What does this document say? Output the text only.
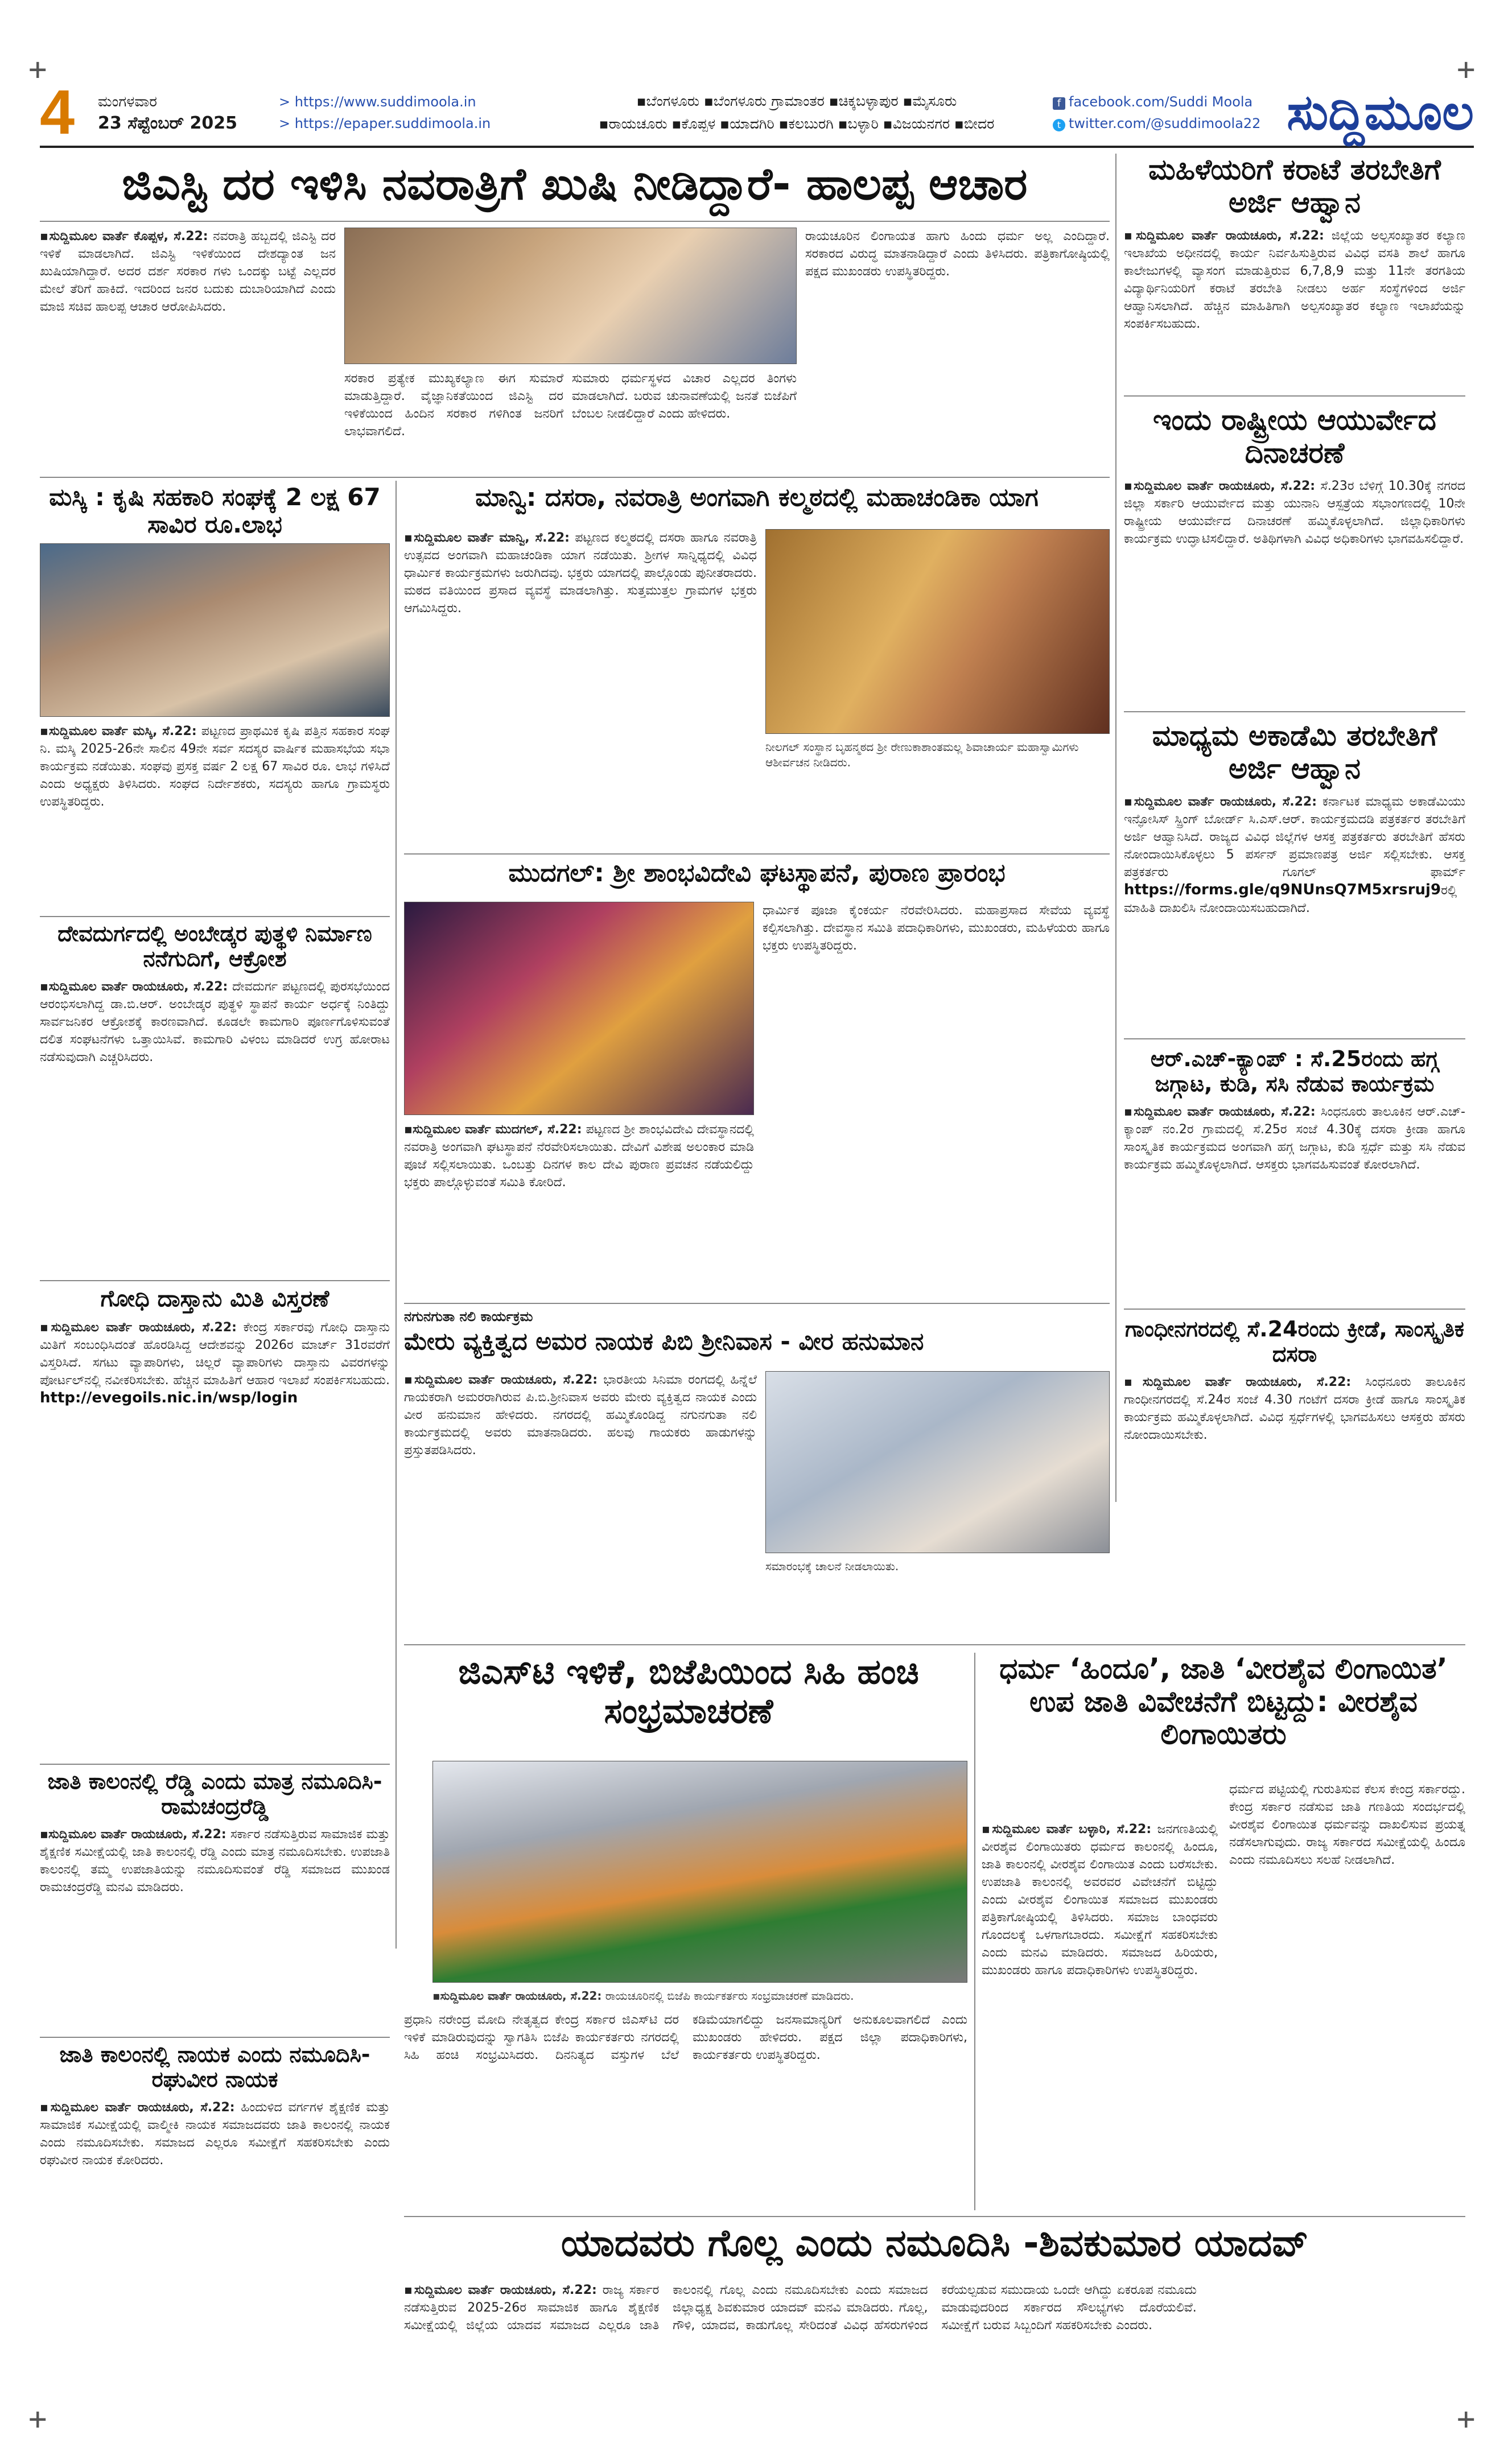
+	+
+	+
4	ಮಂಗಳವಾರ
23 ಸೆಪ್ಟೆಂಬರ್ 2025
> https://www.suddimoola.in
> https://epaper.suddimoola.in
▪ಬೆಂಗಳೂರು ▪ಬೆಂಗಳೂರು ಗ್ರಾಮಾಂತರ ▪ಚಿಕ್ಕಬಳ್ಳಾಪುರ ▪ಮೈಸೂರು
▪ರಾಯಚೂರು ▪ಕೊಪ್ಪಳ ▪ಯಾದಗಿರಿ ▪ಕಲಬುರಗಿ ▪ಬಳ್ಳಾರಿ ▪ವಿಜಯನಗರ ▪ಬೀದರ
f facebook.com/Suddi Moola
t twitter.com/@suddimoola22 ಸುದ್ದಿಮೂಲ
ಜಿಎಸ್ಟಿ ದರ ಇಳಿಸಿ ನವರಾತ್ರಿಗೆ ಖುಷಿ ನೀಡಿದ್ದಾರೆ- ಹಾಲಪ್ಪ ಆಚಾರ

▪ಸುದ್ದಿಮೂಲ ವಾರ್ತೆ ಕೊಪ್ಪಳ, ಸೆ.22: ನವರಾತ್ರಿ ಹಬ್ಬದಲ್ಲಿ ಜಿಎಸ್ಟಿ ದರ ಇಳಿಕೆ ಮಾಡಲಾಗಿದೆ. ಜಿಎಸ್ಟಿ ಇಳಿಕೆಯಿಂದ ದೇಶದ್ಯಾಂತ ಜನ ಖುಷಿಯಾಗಿದ್ದಾರೆ. ಅದರ ದರ್ಶ ಸರಕಾರ ಗಳು ಒಂದಕ್ಕು ಬಟ್ಟೆ ಎಲ್ಲದರ ಮೇಲೆ ತೆರಿಗೆ ಹಾಕಿದೆ. ಇದರಿಂದ ಜನರ ಬದುಕು ದುಬಾರಿಯಾಗಿದೆ ಎಂದು ಮಾಜಿ ಸಚಿವ ಹಾಲಪ್ಪ ಆಚಾರ ಆರೋಪಿಸಿದರು.

ಸರಕಾರ ಪ್ರತ್ಯೇಕ ಮುಖ್ಯಕಲ್ಯಾಣ ಈಗ ಸುಮಾರೆ ಮಾಡುತ್ತಿದ್ದಾರೆ. ವೈಜ್ಞಾನಿಕತೆಯಿಂದ ಜಿಎಸ್ಟಿ ದರ ಇಳಿಕೆಯಿಂದ ಹಿಂದಿನ ಸರಕಾರ ಗಳಿಗಿಂತ ಜನರಿಗೆ ಲಾಭವಾಗಲಿದೆ.

ಸುಮಾರು ಧರ್ಮಸ್ಥಳದ ವಿಚಾರ ಎಲ್ಲದರ ತಿಂಗಳು ಮಾಡಲಾಗಿದೆ. ಬರುವ ಚುನಾವಣೆಯಲ್ಲಿ ಜನತೆ ಬಿಜೆಪಿಗೆ ಬೆಂಬಲ ನೀಡಲಿದ್ದಾರೆ ಎಂದು ಹೇಳಿದರು.

ರಾಯಚೂರಿನ ಲಿಂಗಾಯತ ಹಾಗು ಹಿಂದು ಧರ್ಮ ಅಲ್ಲ ಎಂದಿದ್ದಾರೆ. ಸರಕಾರದ ವಿರುದ್ಧ ಮಾತನಾಡಿದ್ದಾರೆ ಎಂದು ತಿಳಿಸಿದರು. ಪತ್ರಿಕಾಗೋಷ್ಠಿಯಲ್ಲಿ ಪಕ್ಷದ ಮುಖಂಡರು ಉಪಸ್ಥಿತರಿದ್ದರು.

ಮಹಿಳೆಯರಿಗೆ ಕರಾಟೆ ತರಬೇತಿಗೆ ಅರ್ಜಿ ಆಹ್ವಾನ

▪ಸುದ್ದಿಮೂಲ ವಾರ್ತೆ ರಾಯಚೂರು, ಸೆ.22: ಜಿಲ್ಲೆಯ ಅಲ್ಪಸಂಖ್ಯಾತರ ಕಲ್ಯಾಣ ಇಲಾಖೆಯ ಅಧೀನದಲ್ಲಿ ಕಾರ್ಯ ನಿರ್ವಹಿಸುತ್ತಿರುವ ವಿವಿಧ ವಸತಿ ಶಾಲೆ ಹಾಗೂ ಕಾಲೇಜುಗಳಲ್ಲಿ ವ್ಯಾಸಂಗ ಮಾಡುತ್ತಿರುವ 6,7,8,9 ಮತ್ತು 11ನೇ ತರಗತಿಯ ವಿದ್ಯಾರ್ಥಿನಿಯರಿಗೆ ಕರಾಟೆ ತರಬೇತಿ ನೀಡಲು ಅರ್ಹ ಸಂಸ್ಥೆಗಳಿಂದ ಅರ್ಜಿ ಆಹ್ವಾನಿಸಲಾಗಿದೆ. ಹೆಚ್ಚಿನ ಮಾಹಿತಿಗಾಗಿ ಅಲ್ಪಸಂಖ್ಯಾತರ ಕಲ್ಯಾಣ ಇಲಾಖೆಯನ್ನು ಸಂಪರ್ಕಿಸಬಹುದು.

ಇಂದು ರಾಷ್ಟ್ರೀಯ ಆಯುರ್ವೇದ ದಿನಾಚರಣೆ

▪ಸುದ್ದಿಮೂಲ ವಾರ್ತೆ ರಾಯಚೂರು, ಸೆ.22: ಸೆ.23ರ ಬೆಳಿಗ್ಗೆ 10.30ಕ್ಕೆ ನಗರದ ಜಿಲ್ಲಾ ಸರ್ಕಾರಿ ಆಯುರ್ವೇದ ಮತ್ತು ಯುನಾನಿ ಆಸ್ಪತ್ರೆಯ ಸಭಾಂಗಣದಲ್ಲಿ 10ನೇ ರಾಷ್ಟ್ರೀಯ ಆಯುರ್ವೇದ ದಿನಾಚರಣೆ ಹಮ್ಮಿಕೊಳ್ಳಲಾಗಿದೆ. ಜಿಲ್ಲಾಧಿಕಾರಿಗಳು ಕಾರ್ಯಕ್ರಮ ಉದ್ಘಾಟಿಸಲಿದ್ದಾರೆ. ಅತಿಥಿಗಳಾಗಿ ವಿವಿಧ ಅಧಿಕಾರಿಗಳು ಭಾಗವಹಿಸಲಿದ್ದಾರೆ.

ಮಾಧ್ಯಮ ಅಕಾಡೆಮಿ ತರಬೇತಿಗೆ ಅರ್ಜಿ ಆಹ್ವಾನ

▪ಸುದ್ದಿಮೂಲ ವಾರ್ತೆ ರಾಯಚೂರು, ಸೆ.22: ಕರ್ನಾಟಕ ಮಾಧ್ಯಮ ಅಕಾಡೆಮಿಯು ಇನ್ಫೋಸಿಸ್ ಸ್ಪ್ರಿಂಗ್ ಬೋರ್ಡ್ ಸಿ.ಎಸ್.ಆರ್. ಕಾರ್ಯಕ್ರಮದಡಿ ಪತ್ರಕರ್ತರ ತರಬೇತಿಗೆ ಅರ್ಜಿ ಆಹ್ವಾನಿಸಿದೆ. ರಾಜ್ಯದ ವಿವಿಧ ಜಿಲ್ಲೆಗಳ ಆಸಕ್ತ ಪತ್ರಕರ್ತರು ತರಬೇತಿಗೆ ಹೆಸರು ನೋಂದಾಯಿಸಿಕೊಳ್ಳಲು 5 ಪರ್ಸನ್ ಪ್ರಮಾಣಪತ್ರ ಅರ್ಜಿ ಸಲ್ಲಿಸಬೇಕು. ಆಸಕ್ತ ಪತ್ರಕರ್ತರು ಗೂಗಲ್ ಫಾರ್ಮ್ https://forms.gle/q9NUnsQ7M5xrsruj9ರಲ್ಲಿ ಮಾಹಿತಿ ದಾಖಲಿಸಿ ನೋಂದಾಯಿಸಬಹುದಾಗಿದೆ.

ಆರ್.ಎಚ್-ಕ್ಯಾಂಪ್ : ಸೆ.25ರಂದು ಹಗ್ಗ ಜಗ್ಗಾಟ, ಕುಡಿ, ಸಸಿ ನೆಡುವ ಕಾರ್ಯಕ್ರಮ

▪ಸುದ್ದಿಮೂಲ ವಾರ್ತೆ ರಾಯಚೂರು, ಸೆ.22: ಸಿಂಧನೂರು ತಾಲೂಕಿನ ಆರ್.ಎಚ್-ಕ್ಯಾಂಪ್ ನಂ.2ರ ಗ್ರಾಮದಲ್ಲಿ ಸೆ.25ರ ಸಂಜೆ 4.30ಕ್ಕೆ ದಸರಾ ಕ್ರೀಡಾ ಹಾಗೂ ಸಾಂಸ್ಕೃತಿಕ ಕಾರ್ಯಕ್ರಮದ ಅಂಗವಾಗಿ ಹಗ್ಗ ಜಗ್ಗಾಟ, ಕುಡಿ ಸ್ಪರ್ಧೆ ಮತ್ತು ಸಸಿ ನೆಡುವ ಕಾರ್ಯಕ್ರಮ ಹಮ್ಮಿಕೊಳ್ಳಲಾಗಿದೆ. ಆಸಕ್ತರು ಭಾಗವಹಿಸುವಂತೆ ಕೋರಲಾಗಿದೆ.

ಗಾಂಧೀನಗರದಲ್ಲಿ ಸೆ.24ರಂದು ಕ್ರೀಡೆ, ಸಾಂಸ್ಕೃತಿಕ ದಸರಾ

▪ಸುದ್ದಿಮೂಲ ವಾರ್ತೆ ರಾಯಚೂರು, ಸೆ.22: ಸಿಂಧನೂರು ತಾಲೂಕಿನ ಗಾಂಧೀನಗರದಲ್ಲಿ ಸೆ.24ರ ಸಂಜೆ 4.30 ಗಂಟೆಗೆ ದಸರಾ ಕ್ರೀಡೆ ಹಾಗೂ ಸಾಂಸ್ಕೃತಿಕ ಕಾರ್ಯಕ್ರಮ ಹಮ್ಮಿಕೊಳ್ಳಲಾಗಿದೆ. ವಿವಿಧ ಸ್ಪರ್ಧೆಗಳಲ್ಲಿ ಭಾಗವಹಿಸಲು ಆಸಕ್ತರು ಹೆಸರು ನೋಂದಾಯಿಸಬೇಕು.

ಮಸ್ಕಿ : ಕೃಷಿ ಸಹಕಾರಿ ಸಂಘಕ್ಕೆ 2 ಲಕ್ಷ 67 ಸಾವಿರ ರೂ.ಲಾಭ

▪ಸುದ್ದಿಮೂಲ ವಾರ್ತೆ ಮಸ್ಕಿ, ಸೆ.22: ಪಟ್ಟಣದ ಪ್ರಾಥಮಿಕ ಕೃಷಿ ಪತ್ತಿನ ಸಹಕಾರ ಸಂಘ ನಿ. ಮಸ್ಕಿ 2025-26ನೇ ಸಾಲಿನ 49ನೇ ಸರ್ವ ಸದಸ್ಯರ ವಾರ್ಷಿಕ ಮಹಾಸಭೆಯ ಸಭಾ ಕಾರ್ಯಕ್ರಮ ನಡೆಯಿತು. ಸಂಘವು ಪ್ರಸಕ್ತ ವರ್ಷ 2 ಲಕ್ಷ 67 ಸಾವಿರ ರೂ. ಲಾಭ ಗಳಿಸಿದೆ ಎಂದು ಅಧ್ಯಕ್ಷರು ತಿಳಿಸಿದರು. ಸಂಘದ ನಿರ್ದೇಶಕರು, ಸದಸ್ಯರು ಹಾಗೂ ಗ್ರಾಮಸ್ಥರು ಉಪಸ್ಥಿತರಿದ್ದರು.

ದೇವದುರ್ಗದಲ್ಲಿ ಅಂಬೇಡ್ಕರ ಪುತ್ಥಳಿ ನಿರ್ಮಾಣ ನನೆಗುದಿಗೆ, ಆಕ್ರೋಶ

▪ಸುದ್ದಿಮೂಲ ವಾರ್ತೆ ರಾಯಚೂರು, ಸೆ.22: ದೇವದುರ್ಗ ಪಟ್ಟಣದಲ್ಲಿ ಪುರಸಭೆಯಿಂದ ಆರಂಭಿಸಲಾಗಿದ್ದ ಡಾ.ಬಿ.ಆರ್. ಅಂಬೇಡ್ಕರ ಪುತ್ಥಳಿ ಸ್ಥಾಪನೆ ಕಾರ್ಯ ಅರ್ಧಕ್ಕೆ ನಿಂತಿದ್ದು ಸಾರ್ವಜನಿಕರ ಆಕ್ರೋಶಕ್ಕೆ ಕಾರಣವಾಗಿದೆ. ಕೂಡಲೇ ಕಾಮಗಾರಿ ಪೂರ್ಣಗೊಳಿಸುವಂತೆ ದಲಿತ ಸಂಘಟನೆಗಳು ಒತ್ತಾಯಿಸಿವೆ. ಕಾಮಗಾರಿ ವಿಳಂಬ ಮಾಡಿದರೆ ಉಗ್ರ ಹೋರಾಟ ನಡೆಸುವುದಾಗಿ ಎಚ್ಚರಿಸಿದರು.

ಗೋಧಿ ದಾಸ್ತಾನು ಮಿತಿ ವಿಸ್ತರಣೆ

▪ಸುದ್ದಿಮೂಲ ವಾರ್ತೆ ರಾಯಚೂರು, ಸೆ.22: ಕೇಂದ್ರ ಸರ್ಕಾರವು ಗೋಧಿ ದಾಸ್ತಾನು ಮಿತಿಗೆ ಸಂಬಂಧಿಸಿದಂತೆ ಹೊರಡಿಸಿದ್ದ ಆದೇಶವನ್ನು 2026ರ ಮಾರ್ಚ್ 31ರವರೆಗೆ ವಿಸ್ತರಿಸಿದೆ. ಸಗಟು ವ್ಯಾಪಾರಿಗಳು, ಚಿಲ್ಲರೆ ವ್ಯಾಪಾರಿಗಳು ದಾಸ್ತಾನು ವಿವರಗಳನ್ನು ಪೋರ್ಟಲ್‌ನಲ್ಲಿ ನವೀಕರಿಸಬೇಕು. ಹೆಚ್ಚಿನ ಮಾಹಿತಿಗೆ ಆಹಾರ ಇಲಾಖೆ ಸಂಪರ್ಕಿಸಬಹುದು. http://evegoils.nic.in/wsp/login

ಜಾತಿ ಕಾಲಂನಲ್ಲಿ ರೆಡ್ಡಿ ಎಂದು ಮಾತ್ರ ನಮೂದಿಸಿ-ರಾಮಚಂದ್ರರೆಡ್ಡಿ

▪ಸುದ್ದಿಮೂಲ ವಾರ್ತೆ ರಾಯಚೂರು, ಸೆ.22: ಸರ್ಕಾರ ನಡೆಸುತ್ತಿರುವ ಸಾಮಾಜಿಕ ಮತ್ತು ಶೈಕ್ಷಣಿಕ ಸಮೀಕ್ಷೆಯಲ್ಲಿ ಜಾತಿ ಕಾಲಂನಲ್ಲಿ ರೆಡ್ಡಿ ಎಂದು ಮಾತ್ರ ನಮೂದಿಸಬೇಕು. ಉಪಜಾತಿ ಕಾಲಂನಲ್ಲಿ ತಮ್ಮ ಉಪಜಾತಿಯನ್ನು ನಮೂದಿಸುವಂತೆ ರೆಡ್ಡಿ ಸಮಾಜದ ಮುಖಂಡ ರಾಮಚಂದ್ರರೆಡ್ಡಿ ಮನವಿ ಮಾಡಿದರು.

ಜಾತಿ ಕಾಲಂನಲ್ಲಿ ನಾಯಕ ಎಂದು ನಮೂದಿಸಿ-ರಘುವೀರ ನಾಯಕ

▪ಸುದ್ದಿಮೂಲ ವಾರ್ತೆ ರಾಯಚೂರು, ಸೆ.22: ಹಿಂದುಳಿದ ವರ್ಗಗಳ ಶೈಕ್ಷಣಿಕ ಮತ್ತು ಸಾಮಾಜಿಕ ಸಮೀಕ್ಷೆಯಲ್ಲಿ ವಾಲ್ಮೀಕಿ ನಾಯಕ ಸಮಾಜದವರು ಜಾತಿ ಕಾಲಂನಲ್ಲಿ ನಾಯಕ ಎಂದು ನಮೂದಿಸಬೇಕು. ಸಮಾಜದ ಎಲ್ಲರೂ ಸಮೀಕ್ಷೆಗೆ ಸಹಕರಿಸಬೇಕು ಎಂದು ರಘುವೀರ ನಾಯಕ ಕೋರಿದರು.

ಮಾನ್ವಿ: ದಸರಾ, ನವರಾತ್ರಿ ಅಂಗವಾಗಿ ಕಲ್ಮಠದಲ್ಲಿ ಮಹಾಚಂಡಿಕಾ ಯಾಗ

▪ಸುದ್ದಿಮೂಲ ವಾರ್ತೆ ಮಾನ್ವಿ, ಸೆ.22: ಪಟ್ಟಣದ ಕಲ್ಮಠದಲ್ಲಿ ದಸರಾ ಹಾಗೂ ನವರಾತ್ರಿ ಉತ್ಸವದ ಅಂಗವಾಗಿ ಮಹಾಚಂಡಿಕಾ ಯಾಗ ನಡೆಯಿತು. ಶ್ರೀಗಳ ಸಾನ್ನಿಧ್ಯದಲ್ಲಿ ವಿವಿಧ ಧಾರ್ಮಿಕ ಕಾರ್ಯಕ್ರಮಗಳು ಜರುಗಿದವು. ಭಕ್ತರು ಯಾಗದಲ್ಲಿ ಪಾಲ್ಗೊಂಡು ಪುನೀತರಾದರು. ಮಠದ ವತಿಯಿಂದ ಪ್ರಸಾದ ವ್ಯವಸ್ಥೆ ಮಾಡಲಾಗಿತ್ತು. ಸುತ್ತಮುತ್ತಲ ಗ್ರಾಮಗಳ ಭಕ್ತರು ಆಗಮಿಸಿದ್ದರು.

ನೀಲಗಲ್ ಸಂಸ್ಥಾನ ಬೃಹನ್ಮಠದ ಶ್ರೀ ರೇಣುಕಾಶಾಂತಮಲ್ಲ ಶಿವಾಚಾರ್ಯ ಮಹಾಸ್ವಾಮಿಗಳು ಆಶೀರ್ವಚನ ನೀಡಿದರು.
ಮುದಗಲ್: ಶ್ರೀ ಶಾಂಭವಿದೇವಿ ಘಟಸ್ಥಾಪನೆ, ಪುರಾಣ ಪ್ರಾರಂಭ

▪ಸುದ್ದಿಮೂಲ ವಾರ್ತೆ ಮುದಗಲ್, ಸೆ.22: ಪಟ್ಟಣದ ಶ್ರೀ ಶಾಂಭವಿದೇವಿ ದೇವಸ್ಥಾನದಲ್ಲಿ ನವರಾತ್ರಿ ಅಂಗವಾಗಿ ಘಟಸ್ಥಾಪನೆ ನೆರವೇರಿಸಲಾಯಿತು. ದೇವಿಗೆ ವಿಶೇಷ ಅಲಂಕಾರ ಮಾಡಿ ಪೂಜೆ ಸಲ್ಲಿಸಲಾಯಿತು. ಒಂಬತ್ತು ದಿನಗಳ ಕಾಲ ದೇವಿ ಪುರಾಣ ಪ್ರವಚನ ನಡೆಯಲಿದ್ದು ಭಕ್ತರು ಪಾಲ್ಗೊಳ್ಳುವಂತೆ ಸಮಿತಿ ಕೋರಿದೆ.

ಧಾರ್ಮಿಕ ಪೂಜಾ ಕೈಂಕರ್ಯ ನೆರವೇರಿಸಿದರು. ಮಹಾಪ್ರಸಾದ ಸೇವೆಯ ವ್ಯವಸ್ಥೆ ಕಲ್ಪಿಸಲಾಗಿತ್ತು. ದೇವಸ್ಥಾನ ಸಮಿತಿ ಪದಾಧಿಕಾರಿಗಳು, ಮುಖಂಡರು, ಮಹಿಳೆಯರು ಹಾಗೂ ಭಕ್ತರು ಉಪಸ್ಥಿತರಿದ್ದರು.

ನಗುನಗುತಾ ನಲಿ ಕಾರ್ಯಕ್ರಮ
ಮೇರು ವ್ಯಕ್ತಿತ್ವದ ಅಮರ ನಾಯಕ ಪಿಬಿ ಶ್ರೀನಿವಾಸ - ವೀರ ಹನುಮಾನ

▪ಸುದ್ದಿಮೂಲ ವಾರ್ತೆ ರಾಯಚೂರು, ಸೆ.22: ಭಾರತೀಯ ಸಿನಿಮಾ ರಂಗದಲ್ಲಿ ಹಿನ್ನೆಲೆ ಗಾಯಕರಾಗಿ ಅಮರರಾಗಿರುವ ಪಿ.ಬಿ.ಶ್ರೀನಿವಾಸ ಅವರು ಮೇರು ವ್ಯಕ್ತಿತ್ವದ ನಾಯಕ ಎಂದು ವೀರ ಹನುಮಾನ ಹೇಳಿದರು. ನಗರದಲ್ಲಿ ಹಮ್ಮಿಕೊಂಡಿದ್ದ ನಗುನಗುತಾ ನಲಿ ಕಾರ್ಯಕ್ರಮದಲ್ಲಿ ಅವರು ಮಾತನಾಡಿದರು. ಹಲವು ಗಾಯಕರು ಹಾಡುಗಳನ್ನು ಪ್ರಸ್ತುತಪಡಿಸಿದರು.

ಸಮಾರಂಭಕ್ಕೆ ಚಾಲನೆ ನೀಡಲಾಯಿತು.
ಜಿಎಸ್‌ಟಿ ಇಳಿಕೆ, ಬಿಜೆಪಿಯಿಂದ ಸಿಹಿ ಹಂಚಿ ಸಂಭ್ರಮಾಚರಣೆ
▪ಸುದ್ದಿಮೂಲ ವಾರ್ತೆ ರಾಯಚೂರು, ಸೆ.22: ರಾಯಚೂರಿನಲ್ಲಿ ಬಿಜೆಪಿ ಕಾರ್ಯಕರ್ತರು ಸಂಭ್ರಮಾಚರಣೆ ಮಾಡಿದರು.

ಪ್ರಧಾನಿ ನರೇಂದ್ರ ಮೋದಿ ನೇತೃತ್ವದ ಕೇಂದ್ರ ಸರ್ಕಾರ ಜಿಎಸ್‌ಟಿ ದರ ಇಳಿಕೆ ಮಾಡಿರುವುದನ್ನು ಸ್ವಾಗತಿಸಿ ಬಿಜೆಪಿ ಕಾರ್ಯಕರ್ತರು ನಗರದಲ್ಲಿ ಸಿಹಿ ಹಂಚಿ ಸಂಭ್ರಮಿಸಿದರು. ದಿನನಿತ್ಯದ ವಸ್ತುಗಳ ಬೆಲೆ ಕಡಿಮೆಯಾಗಲಿದ್ದು ಜನಸಾಮಾನ್ಯರಿಗೆ ಅನುಕೂಲವಾಗಲಿದೆ ಎಂದು ಮುಖಂಡರು ಹೇಳಿದರು. ಪಕ್ಷದ ಜಿಲ್ಲಾ ಪದಾಧಿಕಾರಿಗಳು, ಕಾರ್ಯಕರ್ತರು ಉಪಸ್ಥಿತರಿದ್ದರು.

ಧರ್ಮ ‘ಹಿಂದೂ’, ಜಾತಿ ‘ವೀರಶೈವ ಲಿಂಗಾಯಿತ’ ಉಪ ಜಾತಿ ವಿವೇಚನೆಗೆ ಬಿಟ್ಟದ್ದು: ವೀರಶೈವ ಲಿಂಗಾಯಿತರು

▪ಸುದ್ದಿಮೂಲ ವಾರ್ತೆ ಬಳ್ಳಾರಿ, ಸೆ.22: ಜನಗಣತಿಯಲ್ಲಿ ವೀರಶೈವ ಲಿಂಗಾಯಿತರು ಧರ್ಮದ ಕಾಲಂನಲ್ಲಿ ಹಿಂದೂ, ಜಾತಿ ಕಾಲಂನಲ್ಲಿ ವೀರಶೈವ ಲಿಂಗಾಯಿತ ಎಂದು ಬರೆಸಬೇಕು. ಉಪಜಾತಿ ಕಾಲಂನಲ್ಲಿ ಅವರವರ ವಿವೇಚನೆಗೆ ಬಿಟ್ಟಿದ್ದು ಎಂದು ವೀರಶೈವ ಲಿಂಗಾಯಿತ ಸಮಾಜದ ಮುಖಂಡರು ಪತ್ರಿಕಾಗೋಷ್ಠಿಯಲ್ಲಿ ತಿಳಿಸಿದರು. ಸಮಾಜ ಬಾಂಧವರು ಗೊಂದಲಕ್ಕೆ ಒಳಗಾಗಬಾರದು. ಸಮೀಕ್ಷೆಗೆ ಸಹಕರಿಸಬೇಕು ಎಂದು ಮನವಿ ಮಾಡಿದರು. ಸಮಾಜದ ಹಿರಿಯರು, ಮುಖಂಡರು ಹಾಗೂ ಪದಾಧಿಕಾರಿಗಳು ಉಪಸ್ಥಿತರಿದ್ದರು.

ಧರ್ಮದ ಪಟ್ಟಿಯಲ್ಲಿ ಗುರುತಿಸುವ ಕೆಲಸ ಕೇಂದ್ರ ಸರ್ಕಾರದ್ದು. ಕೇಂದ್ರ ಸರ್ಕಾರ ನಡೆಸುವ ಜಾತಿ ಗಣತಿಯ ಸಂದರ್ಭದಲ್ಲಿ ವೀರಶೈವ ಲಿಂಗಾಯಿತ ಧರ್ಮವನ್ನು ದಾಖಲಿಸುವ ಪ್ರಯತ್ನ ನಡೆಸಲಾಗುವುದು. ರಾಜ್ಯ ಸರ್ಕಾರದ ಸಮೀಕ್ಷೆಯಲ್ಲಿ ಹಿಂದೂ ಎಂದು ನಮೂದಿಸಲು ಸಲಹೆ ನೀಡಲಾಗಿದೆ.

ಯಾದವರು ಗೊಲ್ಲ ಎಂದು ನಮೂದಿಸಿ -ಶಿವಕುಮಾರ ಯಾದವ್

▪ಸುದ್ದಿಮೂಲ ವಾರ್ತೆ ರಾಯಚೂರು, ಸೆ.22: ರಾಜ್ಯ ಸರ್ಕಾರ ನಡೆಸುತ್ತಿರುವ 2025-26ರ ಸಾಮಾಜಿಕ ಹಾಗೂ ಶೈಕ್ಷಣಿಕ ಸಮೀಕ್ಷೆಯಲ್ಲಿ ಜಿಲ್ಲೆಯ ಯಾದವ ಸಮಾಜದ ಎಲ್ಲರೂ ಜಾತಿ ಕಾಲಂನಲ್ಲಿ ಗೊಲ್ಲ ಎಂದು ನಮೂದಿಸಬೇಕು ಎಂದು ಸಮಾಜದ ಜಿಲ್ಲಾಧ್ಯಕ್ಷ ಶಿವಕುಮಾರ ಯಾದವ್ ಮನವಿ ಮಾಡಿದರು. ಗೊಲ್ಲ, ಗೌಳಿ, ಯಾದವ, ಕಾಡುಗೊಲ್ಲ ಸೇರಿದಂತೆ ವಿವಿಧ ಹೆಸರುಗಳಿಂದ ಕರೆಯಲ್ಪಡುವ ಸಮುದಾಯ ಒಂದೇ ಆಗಿದ್ದು ಏಕರೂಪ ನಮೂದು ಮಾಡುವುದರಿಂದ ಸರ್ಕಾರದ ಸೌಲಭ್ಯಗಳು ದೊರೆಯಲಿವೆ. ಸಮೀಕ್ಷೆಗೆ ಬರುವ ಸಿಬ್ಬಂದಿಗೆ ಸಹಕರಿಸಬೇಕು ಎಂದರು.
